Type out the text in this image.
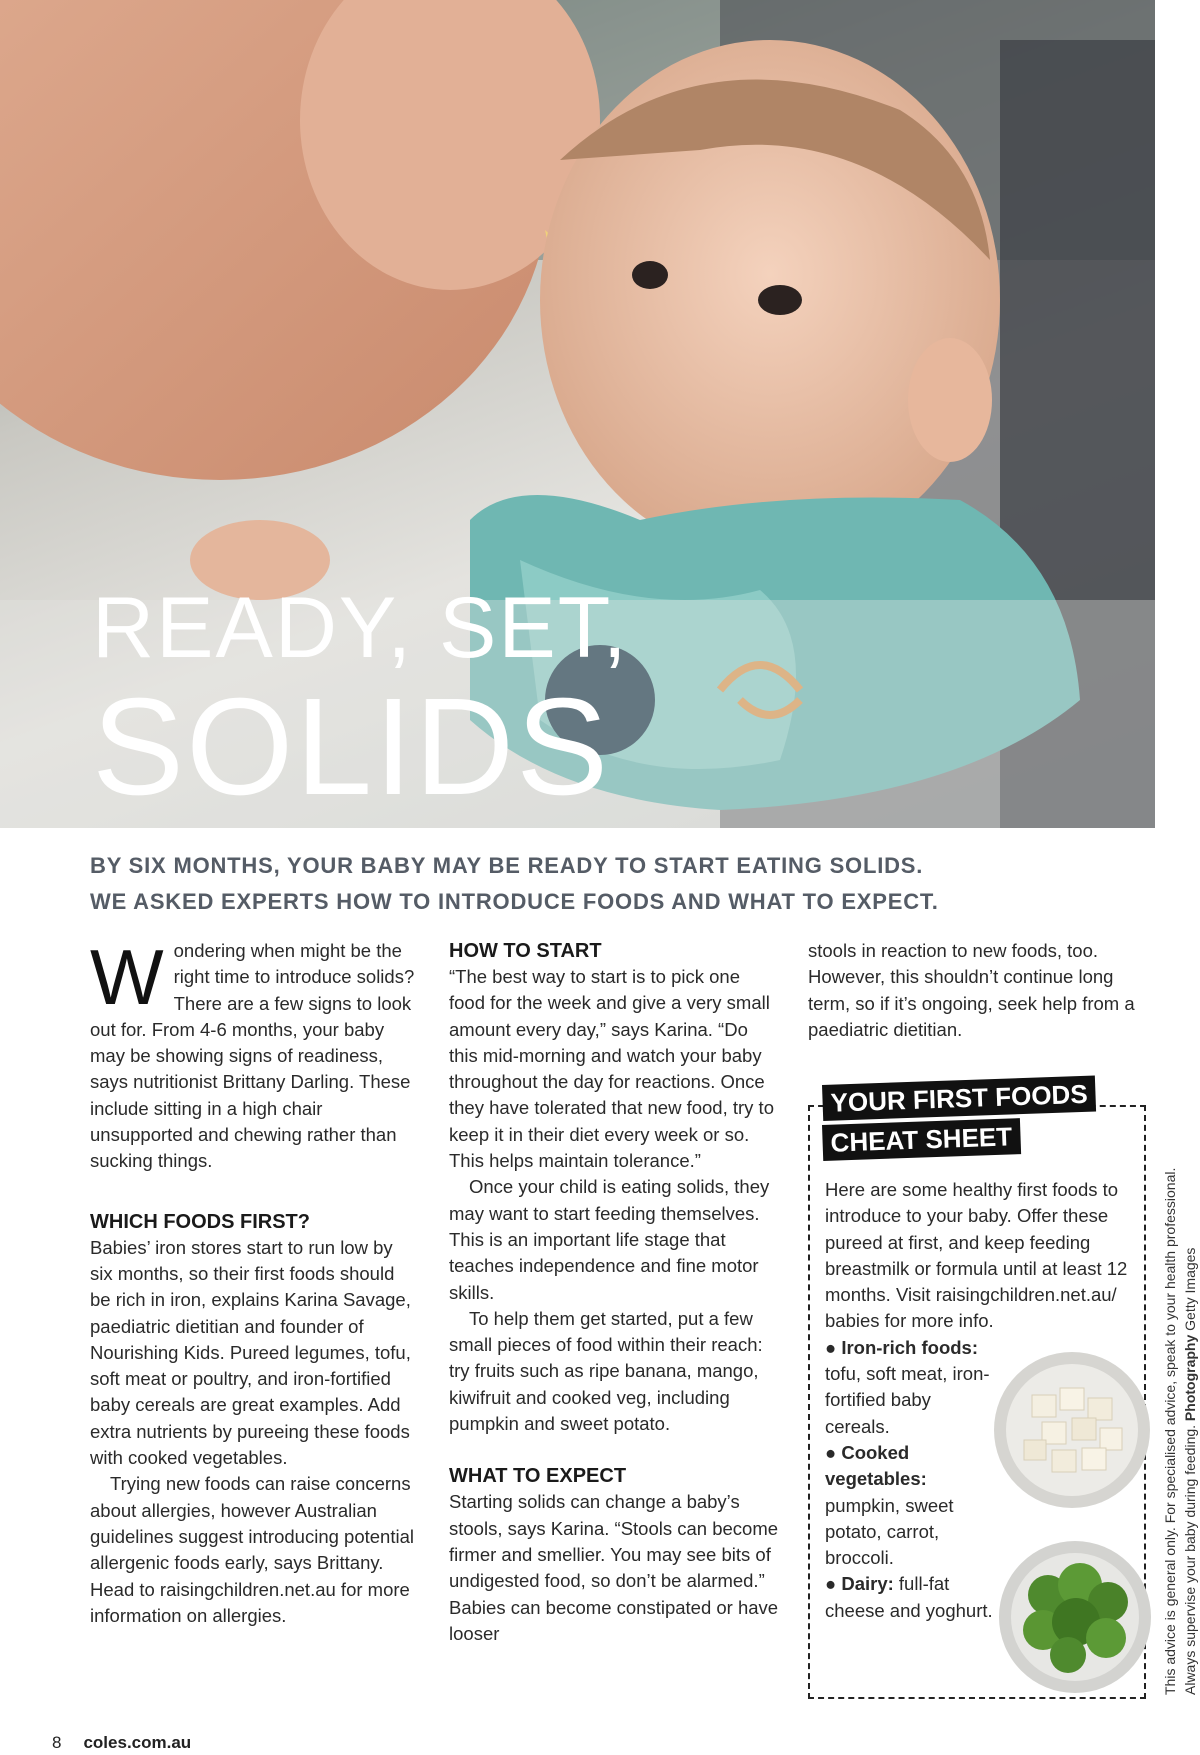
READY, SET,
SOLIDS

BY SIX MONTHS, YOUR BABY MAY BE READY TO START EATING SOLIDS.
WE ASKED EXPERTS HOW TO INTRODUCE FOODS AND WHAT TO EXPECT.

Wondering when might be the right time to introduce solids? There are a few signs to look out for. From 4-6 months, your baby may be showing signs of readiness, says nutritionist Brittany Darling. These include sitting in a high chair unsupported and chewing rather than sucking things.

WHICH FOODS FIRST?

Babies’ iron stores start to run low by six months, so their first foods should be rich in iron, explains Karina Savage, paediatric dietitian and founder of Nourishing Kids. Pureed legumes, tofu, soft meat or poultry, and iron-fortified baby cereals are great examples. Add extra nutrients by pureeing these foods with cooked vegetables.

Trying new foods can raise concerns about allergies, however Australian guidelines suggest introducing potential allergenic foods early, says Brittany. Head to raisingchildren.net.au for more information on allergies.

HOW TO START

“The best way to start is to pick one food for the week and give a very small amount every day,” says Karina. “Do this mid-morning and watch your baby throughout the day for reactions. Once they have tolerated that new food, try to keep it in their diet every week or so. This helps maintain tolerance.”

Once your child is eating solids, they may want to start feeding themselves. This is an important life stage that teaches independence and fine motor skills.

To help them get started, put a few small pieces of food within their reach: try fruits such as ripe banana, mango, kiwifruit and cooked veg, including pumpkin and sweet potato.

WHAT TO EXPECT

Starting solids can change a baby’s stools, says Karina. “Stools can become firmer and smellier. You may see bits of undigested food, so don’t be alarmed.” Babies can become constipated or have looser

stools in reaction to new foods, too. However, this shouldn’t continue long term, so if it’s ongoing, seek help from a paediatric dietitian.

YOUR FIRST FOODS
CHEAT SHEET

Here are some healthy first foods to introduce to your baby. Offer these pureed at first, and keep feeding breastmilk or formula until at least 12 months. Visit raisingchildren.net.au/ babies for more info.

● Iron-rich foods: tofu, soft meat, iron-fortified baby cereals.

● Cooked vegetables: pumpkin, sweet potato, carrot, broccoli.

● Dairy: full-fat cheese and yoghurt.	This advice is general only. For specialised advice, speak to your health professional. Always supervise your baby during feeding. Photography Getty Images
8 coles.com.au
